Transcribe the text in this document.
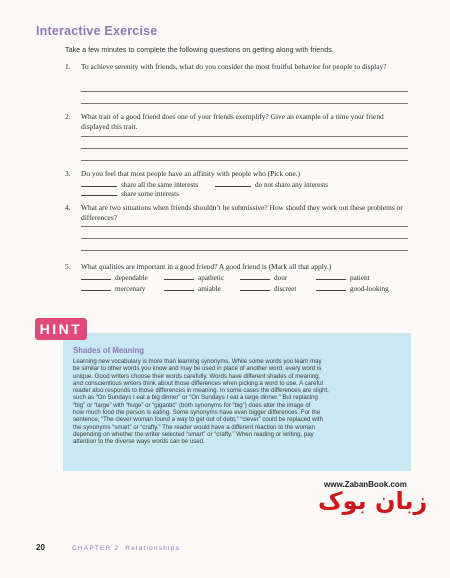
Interactive Exercise
Take a few minutes to complete the following questions on getting along with friends.
1. To achieve serenity with friends, what do you consider the most fruitful behavior for people to display?
2. What trait of a good friend does one of your friends exemplify? Give an example of a time your friend displayed this trait.
3. Do you feel that most people have an affinity with people who (Pick one.)
share all the same interests	do not share any interests
share some interests
4. What are two situations when friends shouldn’t be submissive? How should they work out these problems or differences?
5. What qualities are important in a good friend? A good friend is (Mark all that apply.)
dependable	apathetic	dour	patient
mercenary	amiable	discreet	good-looking
HINT
Shades of Meaning
Learning new vocabulary is more than learning synonyms. While some words you learn may
be similar to other words you know and may be used in place of another word, every word is
unique. Good writers choose their words carefully. Words have different shades of meaning,
and conscientious writers think about those differences when picking a word to use. A careful
reader also responds to those differences in meaning. In some cases the differences are slight,
such as “On Sundays I eat a big dinner” or “On Sundays I eat a large dinner.” But replacing
“big” or “large” with “huge” or “gigantic” (both synonyms for “big”) does alter the image of
how much food the person is eating. Some synonyms have even bigger differences. For the
sentence, “The clever woman found a way to get out of debt,” “clever” could be replaced with
the synonyms “smart” or “crafty.” The reader would have a different reaction to the woman
depending on whether the writer selected “smart” or “crafty.” When reading or writing, pay
attention to the diverse ways words can be used.
www.ZabanBook.com
زبان بوک
20	CHAPTER 2 Relationships
